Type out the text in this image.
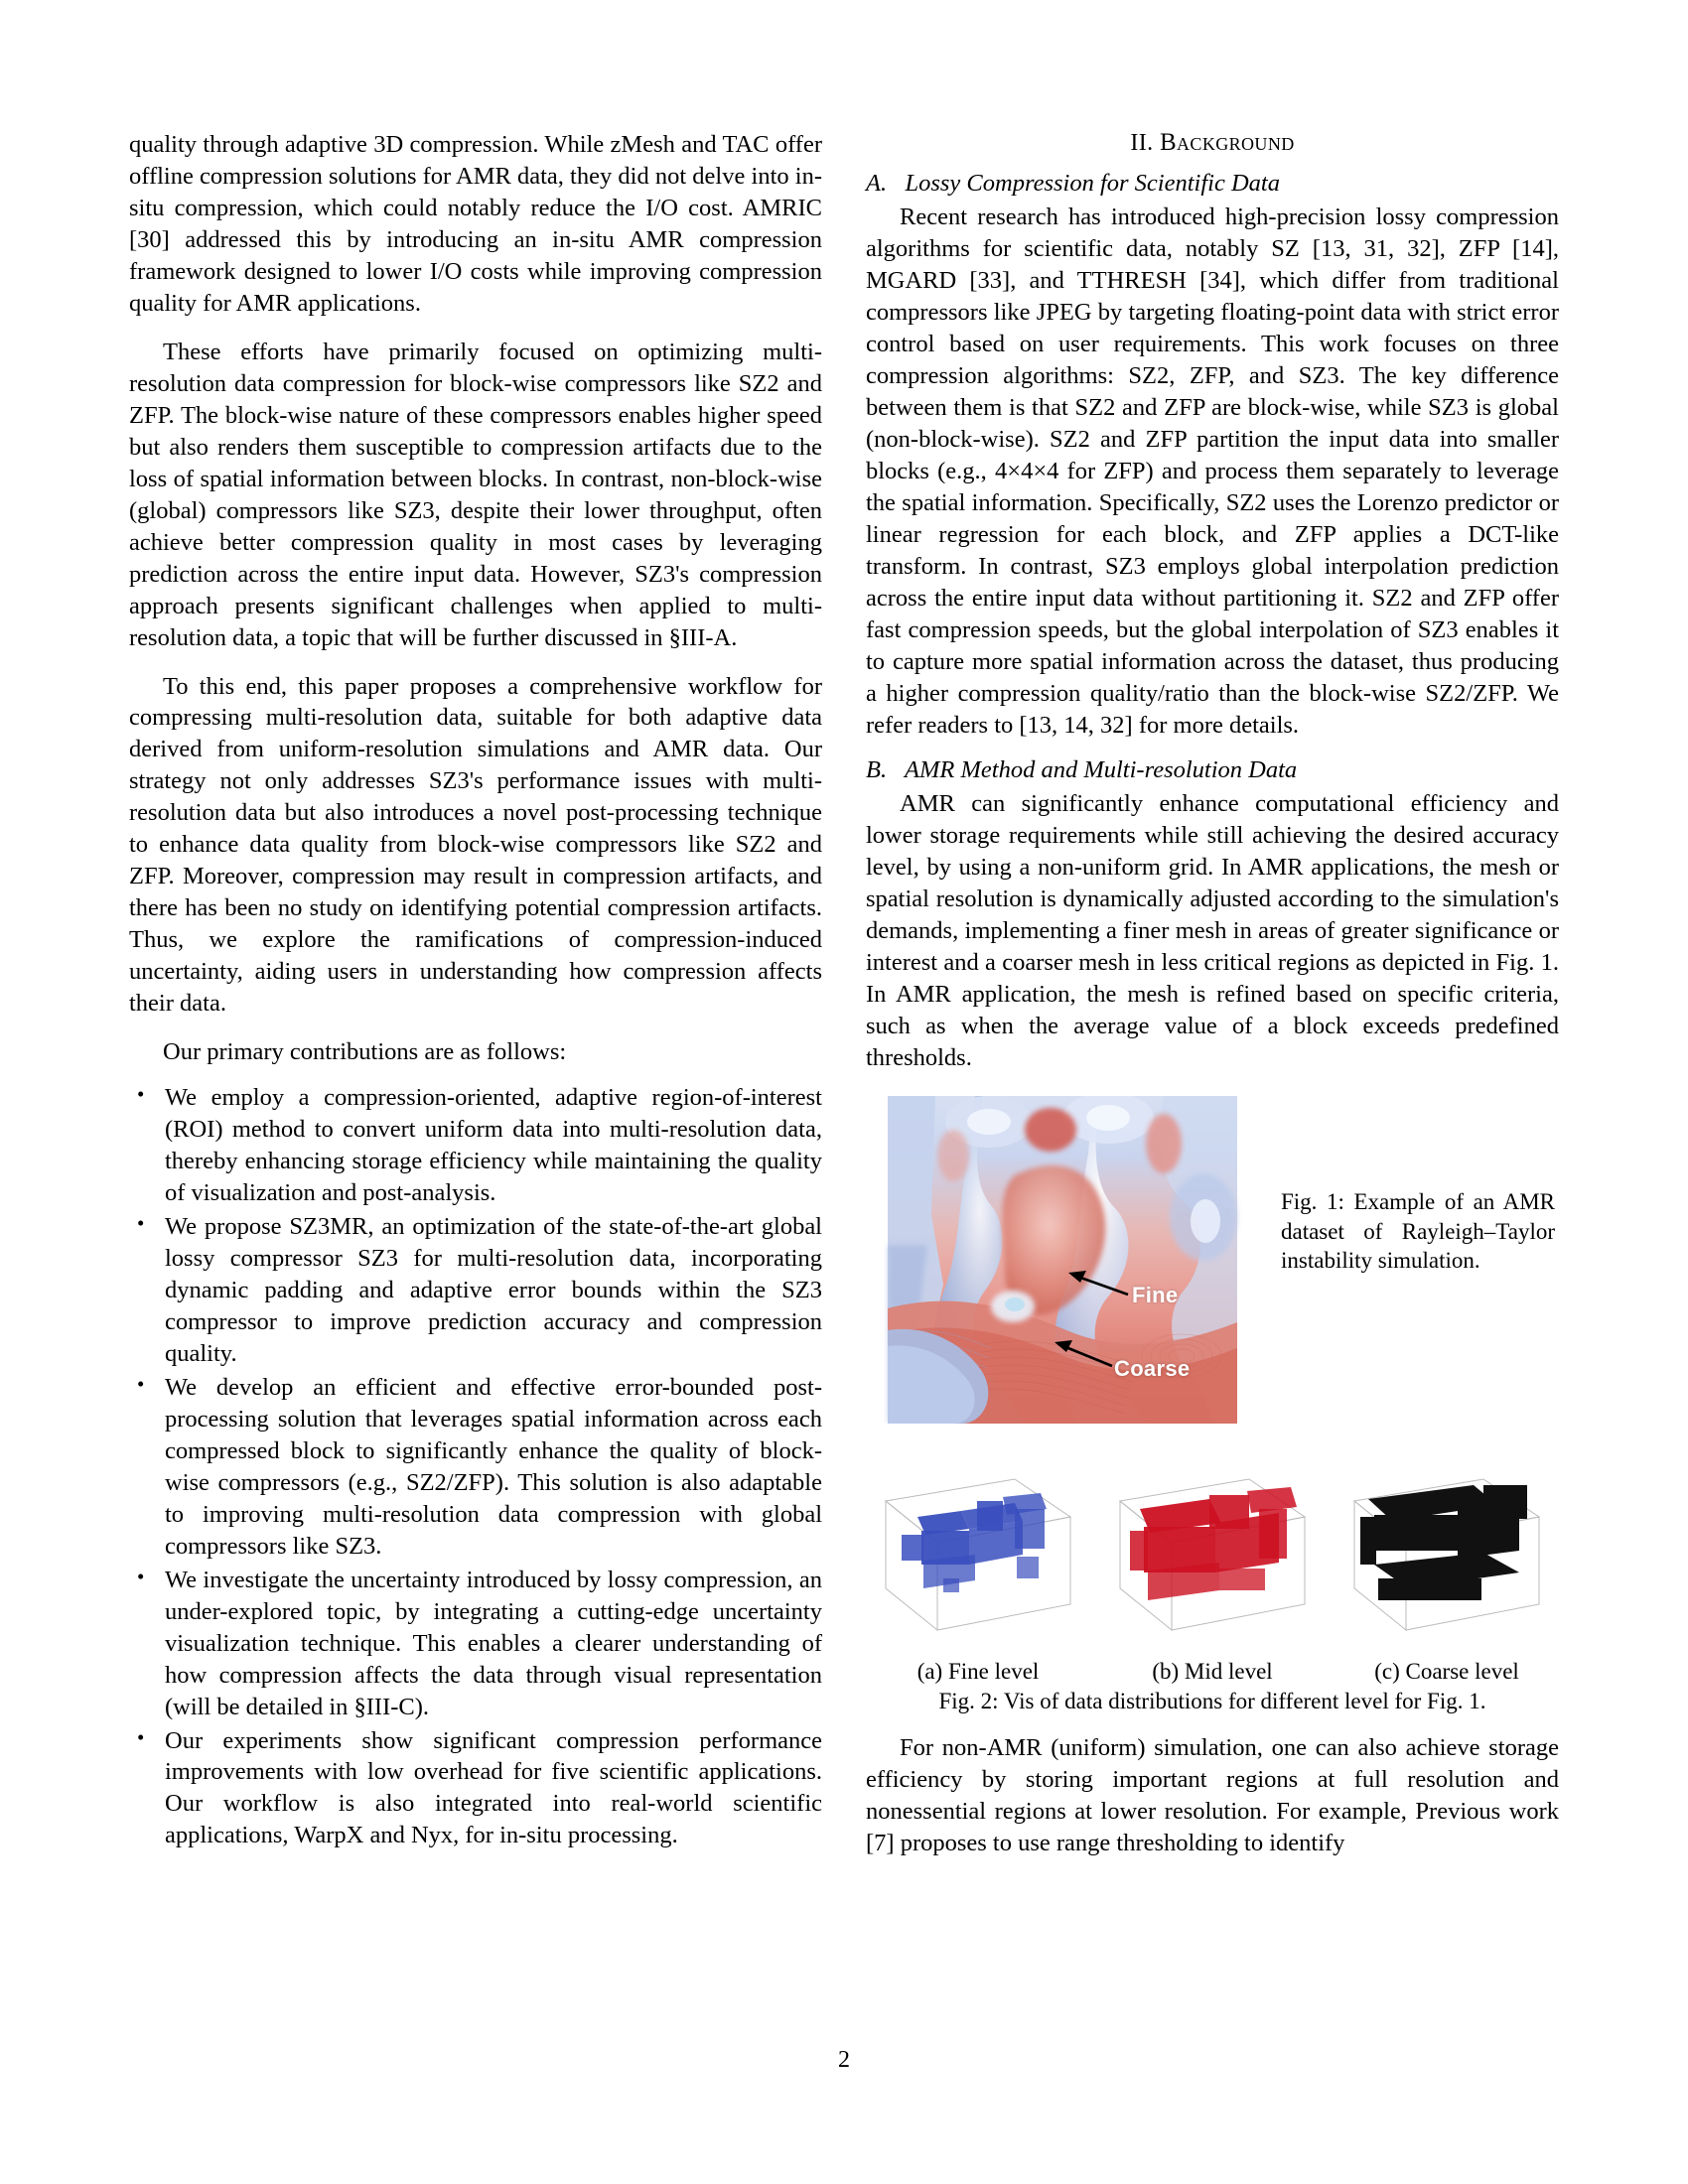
quality through adaptive 3D compression. While zMesh and TAC offer offline compression solutions for AMR data, they did not delve into in-situ compression, which could notably reduce the I/O cost. AMRIC [30] addressed this by introducing an in-situ AMR compression framework designed to lower I/O costs while improving compression quality for AMR applications.

These efforts have primarily focused on optimizing multi-resolution data compression for block-wise compressors like SZ2 and ZFP. The block-wise nature of these compressors enables higher speed but also renders them susceptible to compression artifacts due to the loss of spatial information between blocks. In contrast, non-block-wise (global) compressors like SZ3, despite their lower throughput, often achieve better compression quality in most cases by leveraging prediction across the entire input data. However, SZ3's compression approach presents significant challenges when applied to multi-resolution data, a topic that will be further discussed in §III-A.

To this end, this paper proposes a comprehensive workflow for compressing multi-resolution data, suitable for both adaptive data derived from uniform-resolution simulations and AMR data. Our strategy not only addresses SZ3's performance issues with multi-resolution data but also introduces a novel post-processing technique to enhance data quality from block-wise compressors like SZ2 and ZFP. Moreover, compression may result in compression artifacts, and there has been no study on identifying potential compression artifacts. Thus, we explore the ramifications of compression-induced uncertainty, aiding users in understanding how compression affects their data.

Our primary contributions are as follows:

• We employ a compression-oriented, adaptive region-of-interest (ROI) method to convert uniform data into multi-resolution data, thereby enhancing storage efficiency while maintaining the quality of visualization and post-analysis.
• We propose SZ3MR, an optimization of the state-of-the-art global lossy compressor SZ3 for multi-resolution data, incorporating dynamic padding and adaptive error bounds within the SZ3 compressor to improve prediction accuracy and compression quality.
• We develop an efficient and effective error-bounded post-processing solution that leverages spatial information across each compressed block to significantly enhance the quality of block-wise compressors (e.g., SZ2/ZFP). This solution is also adaptable to improving multi-resolution data compression with global compressors like SZ3.
• We investigate the uncertainty introduced by lossy compression, an under-explored topic, by integrating a cutting-edge uncertainty visualization technique. This enables a clearer understanding of how compression affects the data through visual representation (will be detailed in §III-C).
• Our experiments show significant compression performance improvements with low overhead for five scientific applications. Our workflow is also integrated into real-world scientific applications, WarpX and Nyx, for in-situ processing.
II. Background
A. Lossy Compression for Scientific Data

Recent research has introduced high-precision lossy compression algorithms for scientific data, notably SZ [13, 31, 32], ZFP [14], MGARD [33], and TTHRESH [34], which differ from traditional compressors like JPEG by targeting floating-point data with strict error control based on user requirements. This work focuses on three compression algorithms: SZ2, ZFP, and SZ3. The key difference between them is that SZ2 and ZFP are block-wise, while SZ3 is global (non-block-wise). SZ2 and ZFP partition the input data into smaller blocks (e.g., 4×4×4 for ZFP) and process them separately to leverage the spatial information. Specifically, SZ2 uses the Lorenzo predictor or linear regression for each block, and ZFP applies a DCT-like transform. In contrast, SZ3 employs global interpolation prediction across the entire input data without partitioning it. SZ2 and ZFP offer fast compression speeds, but the global interpolation of SZ3 enables it to capture more spatial information across the dataset, thus producing a higher compression quality/ratio than the block-wise SZ2/ZFP. We refer readers to [13, 14, 32] for more details.

B. AMR Method and Multi-resolution Data

AMR can significantly enhance computational efficiency and lower storage requirements while still achieving the desired accuracy level, by using a non-uniform grid. In AMR applications, the mesh or spatial resolution is dynamically adjusted according to the simulation's demands, implementing a finer mesh in areas of greater significance or interest and a coarser mesh in less critical regions as depicted in Fig. 1. In AMR application, the mesh is refined based on specific criteria, such as when the average value of a block exceeds predefined thresholds.

Fine
Coarse
Fig. 1: Example of an AMR dataset of Rayleigh–Taylor instability simulation.
(a) Fine level	(b) Mid level	(c) Coarse level
Fig. 2: Vis of data distributions for different level for Fig. 1.

For non-AMR (uniform) simulation, one can also achieve storage efficiency by storing important regions at full resolution and nonessential regions at lower resolution. For example, Previous work [7] proposes to use range thresholding to identify

2
